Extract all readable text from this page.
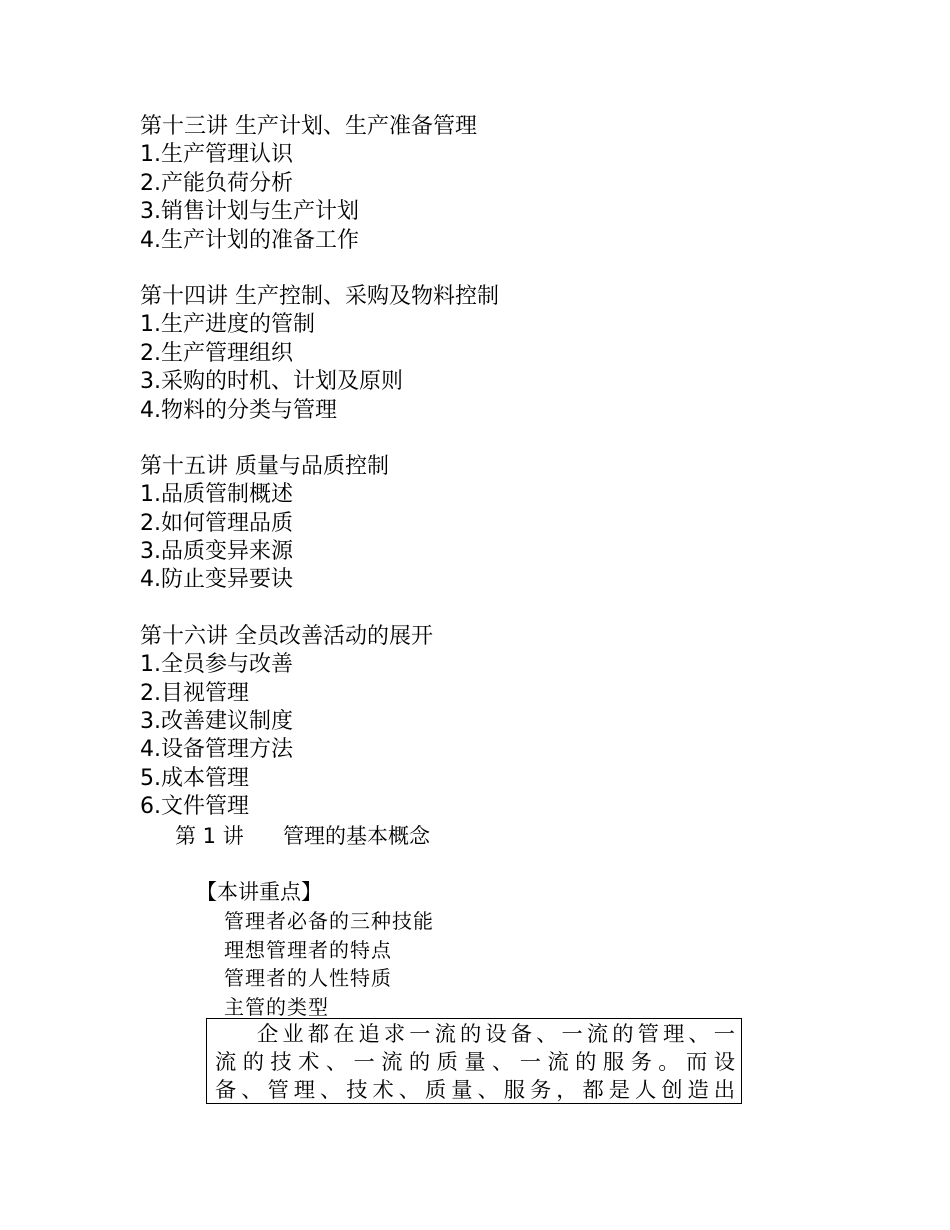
第十三讲 生产计划、生产准备管理
1.生产管理认识
2.产能负荷分析
3.销售计划与生产计划
4.生产计划的准备工作
第十四讲 生产控制、采购及物料控制
1.生产进度的管制
2.生产管理组织
3.采购的时机、计划及原则
4.物料的分类与管理
第十五讲 质量与品质控制
1.品质管制概述
2.如何管理品质
3.品质变异来源
4.防止变异要诀
第十六讲 全员改善活动的展开
1.全员参与改善
2.目视管理
3.改善建议制度
4.设备管理方法
5.成本管理
6.文件管理
第 1 讲 管理的基本概念
【本讲重点】
管理者必备的三种技能
理想管理者的特点
管理者的人性特质
主管的类型
企业都在追求一流的设备、一流的管理、一
流的技术、一流的质量、一流的服务。而设
备、管理、技术、质量、服务，都是人创造出
